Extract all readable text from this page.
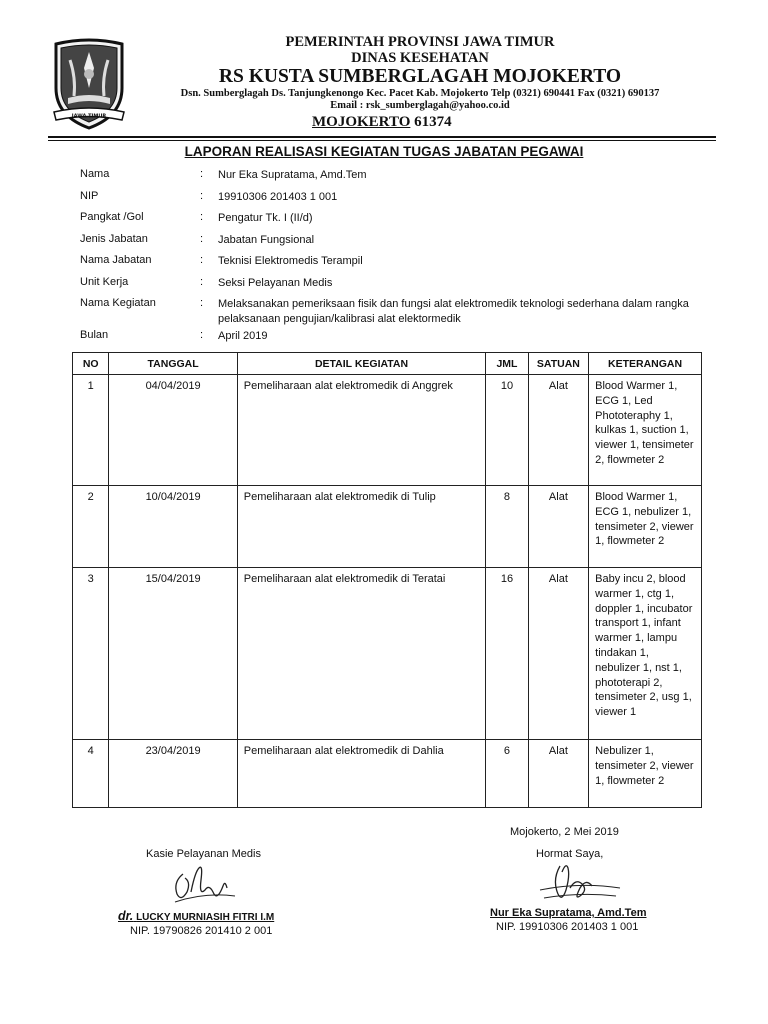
JAWA TIMUR
PEMERINTAH PROVINSI JAWA TIMUR
DINAS KESEHATAN
RS KUSTA SUMBERGLAGAH MOJOKERTO
Dsn. Sumberglagah Ds. Tanjungkenongo Kec. Pacet Kab. Mojokerto Telp (0321) 690441 Fax (0321) 690137
Email : rsk_sumberglagah@yahoo.co.id
MOJOKERTO 61374
LAPORAN REALISASI KEGIATAN TUGAS JABATAN PEGAWAI
Nama	: Nur Eka Supratama, Amd.Tem
NIP	: 19910306 201403 1 001
Pangkat /Gol	: Pengatur Tk. I (II/d)
Jenis Jabatan	: Jabatan Fungsional
Nama Jabatan	: Teknisi Elektromedis Terampil
Unit Kerja	: Seksi Pelayanan Medis
Nama Kegiatan	: Melaksanakan pemeriksaan fisik dan fungsi alat elektromedik teknologi sederhana dalam rangka pelaksanaan pengujian/kalibrasi alat elektormedik
Bulan	: April 2019
NO	TANGGAL	DETAIL KEGIATAN	JML	SATUAN	KETERANGAN
1	04/04/2019	Pemeliharaan alat elektromedik di Anggrek	10	Alat	Blood Warmer 1, ECG 1, Led Phototeraphy 1, kulkas 1, suction 1, viewer 1, tensimeter 2, flowmeter 2
2	10/04/2019	Pemeliharaan alat elektromedik di Tulip	8	Alat	Blood Warmer 1, ECG 1, nebulizer 1, tensimeter 2, viewer 1, flowmeter 2
3	15/04/2019	Pemeliharaan alat elektromedik di Teratai	16	Alat	Baby incu 2, blood warmer 1, ctg 1, doppler 1, incubator transport 1, infant warmer 1, lampu tindakan 1, nebulizer 1, nst 1, phototerapi 2, tensimeter 2, usg 1, viewer 1
4	23/04/2019	Pemeliharaan alat elektromedik di Dahlia	6	Alat	Nebulizer 1, tensimeter 2, viewer 1, flowmeter 2
Mojokerto, 2 Mei 2019
Kasie Pelayanan Medis
dr. LUCKY MURNIASIH FITRI I.M
NIP. 19790826 201410 2 001
Hormat Saya,
Nur Eka Supratama, Amd.Tem
NIP. 19910306 201403 1 001
